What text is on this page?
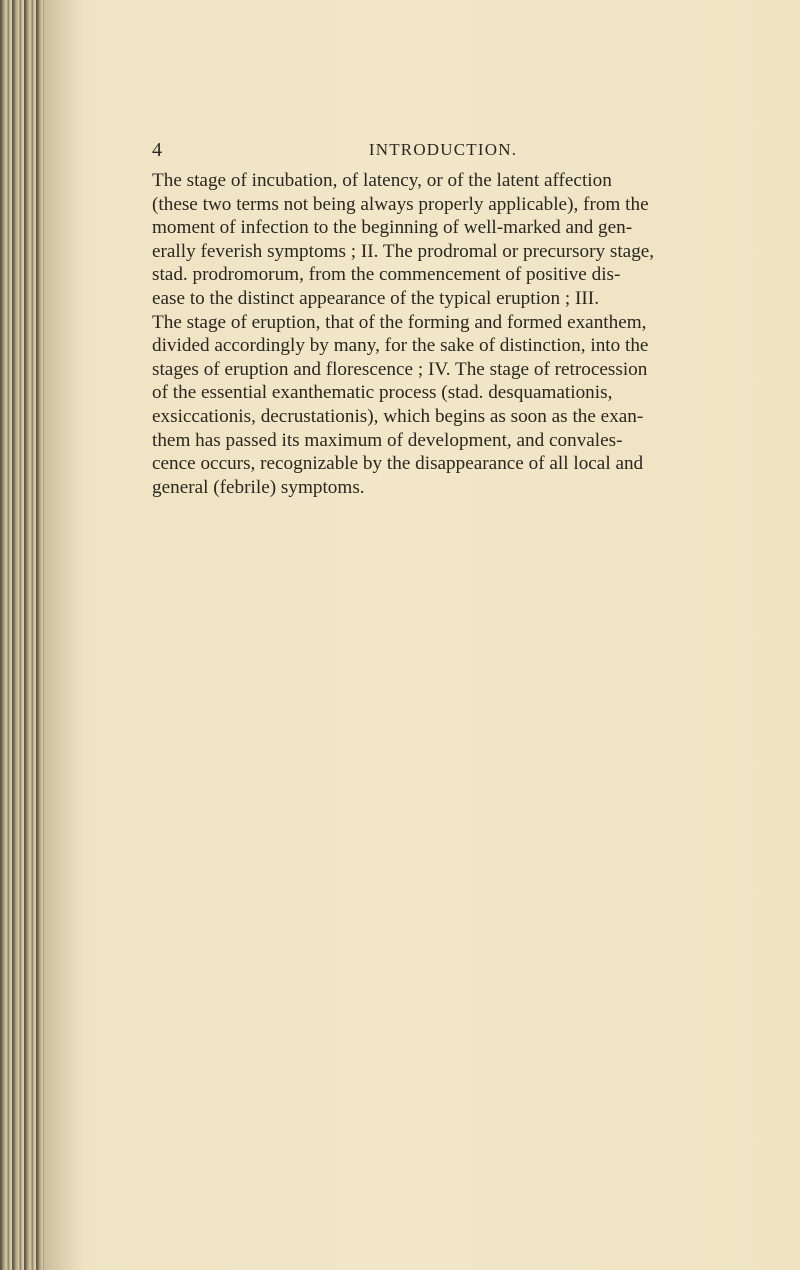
4	INTRODUCTION.

The stage of incubation, of latency, or of the latent affection
(these two terms not being always properly applicable), from the
moment of infection to the beginning of well-marked and gen-
erally feverish symptoms ; II. The prodromal or precursory stage,
stad. prodromorum, from the commencement of positive dis-
ease to the distinct appearance of the typical eruption ; III.
The stage of eruption, that of the forming and formed exanthem,
divided accordingly by many, for the sake of distinction, into the
stages of eruption and florescence ; IV. The stage of retrocession
of the essential exanthematic process (stad. desquamationis,
exsiccationis, decrustationis), which begins as soon as the exan-
them has passed its maximum of development, and convales-
cence occurs, recognizable by the disappearance of all local and
general (febrile) symptoms.
